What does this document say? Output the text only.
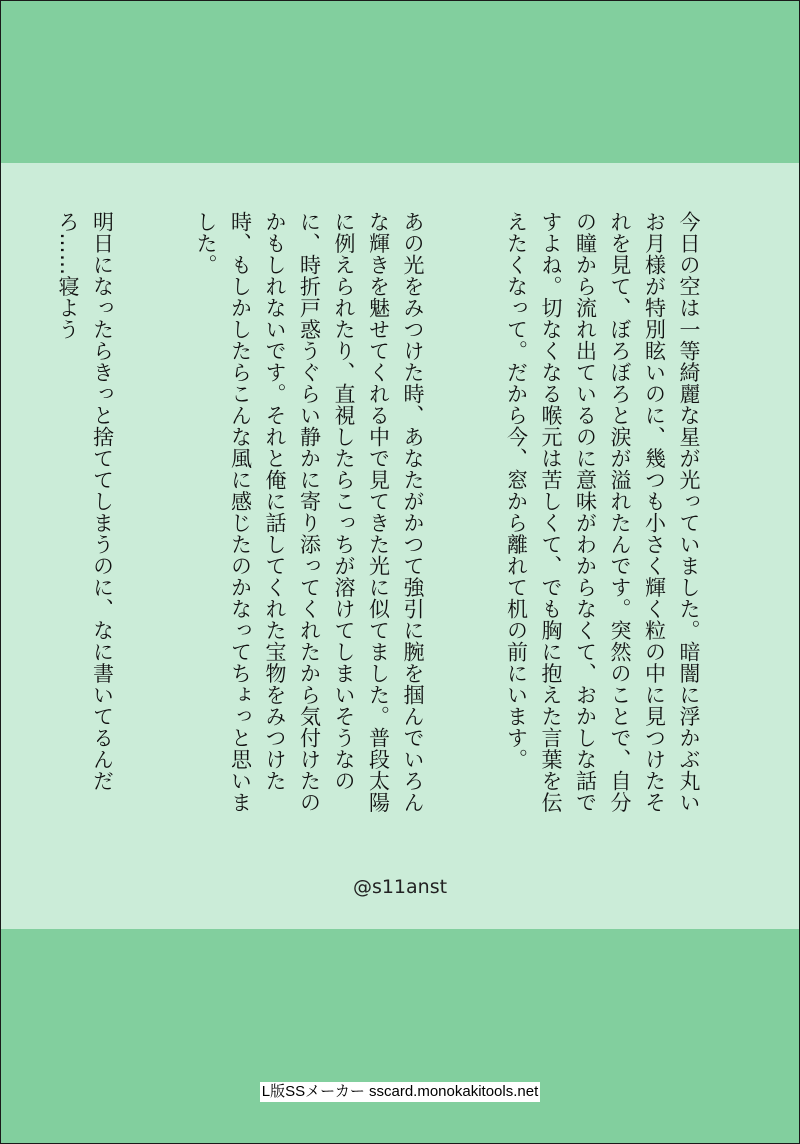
今日の空は一等綺麗な星が光っていました。暗闇に浮かぶ丸いお月様が特別眩いのに、幾つも小さく輝く粒の中に見つけたそれを見て、ぼろぼろと涙が溢れたんです。突然のことで、自分の瞳から流れ出ているのに意味がわからなくて、おかしな話ですよね。切なくなる喉元は苦しくて、でも胸に抱えた言葉を伝えたくなって。だから今、窓から離れて机の前にいます。

あの光をみつけた時、あなたがかつて強引に腕を掴んでいろんな輝きを魅せてくれる中で見てきた光に似てました。普段太陽に例えられたり、直視したらこっちが溶けてしまいそうなのに、時折戸惑うぐらい静かに寄り添ってくれたから気付けたのかもしれないです。それと俺に話してくれた宝物をみつけた時、もしかしたらこんな風に感じたのかなってちょっと思いました。

明日になったらきっと捨ててしまうのに、なに書いてるんだろ……寝よう

@s11anst
L版SSメーカー sscard.monokakitools.net
